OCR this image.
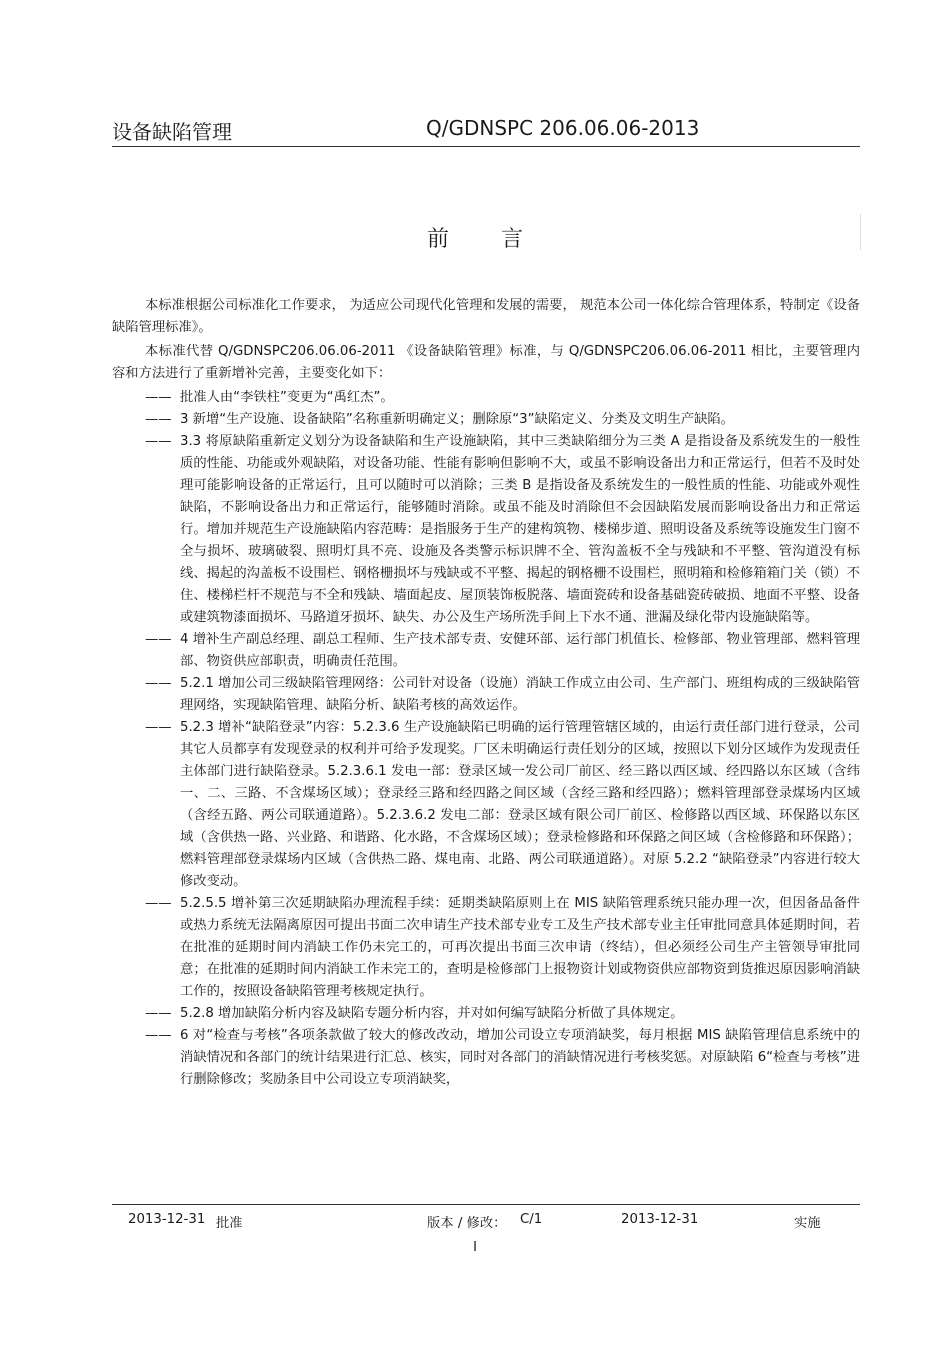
设备缺陷管理	Q/GDNSPC 206.06.06-2013
前言

本标准根据公司标准化工作要求， 为适应公司现代化管理和发展的需要， 规范本公司一体化综合管理体系，特制定《设备缺陷管理标准》。

本标准代替 Q/GDNSPC206.06.06-2011 《设备缺陷管理》标准，与 Q/GDNSPC206.06.06-2011 相比，主要管理内容和方法进行了重新增补完善，主要变化如下：

—— 批准人由“李铁柱”变更为“禹红杰”。
—— 3 新增“生产设施、设备缺陷”名称重新明确定义；删除原“3”缺陷定义、分类及文明生产缺陷。
—— 3.3 将原缺陷重新定义划分为设备缺陷和生产设施缺陷，其中三类缺陷细分为三类 A 是指设备及系统发生的一般性质的性能、功能或外观缺陷，对设备功能、性能有影响但影响不大，或虽不影响设备出力和正常运行，但若不及时处理可能影响设备的正常运行，且可以随时可以消除；三类 B 是指设备及系统发生的一般性质的性能、功能或外观性缺陷，不影响设备出力和正常运行，能够随时消除。或虽不能及时消除但不会因缺陷发展而影响设备出力和正常运行。增加并规范生产设施缺陷内容范畴：是指服务于生产的建构筑物、楼梯步道、照明设备及系统等设施发生门窗不全与损坏、玻璃破裂、照明灯具不亮、设施及各类警示标识牌不全、管沟盖板不全与残缺和不平整、管沟道没有标线、揭起的沟盖板不设围栏、钢格栅损坏与残缺或不平整、揭起的钢格栅不设围栏，照明箱和检修箱箱门关（锁）不住、楼梯栏杆不规范与不全和残缺、墙面起皮、屋顶装饰板脱落、墙面瓷砖和设备基础瓷砖破损、地面不平整、设备或建筑物漆面损坏、马路道牙损坏、缺失、办公及生产场所洗手间上下水不通、泄漏及绿化带内设施缺陷等。
—— 4 增补生产副总经理、副总工程师、生产技术部专责、安健环部、运行部门机值长、检修部、物业管理部、燃料管理部、物资供应部职责，明确责任范围。
—— 5.2.1 增加公司三级缺陷管理网络：公司针对设备（设施）消缺工作成立由公司、生产部门、班组构成的三级缺陷管理网络，实现缺陷管理、缺陷分析、缺陷考核的高效运作。
—— 5.2.3 增补“缺陷登录”内容：5.2.3.6 生产设施缺陷已明确的运行管理管辖区域的，由运行责任部门进行登录，公司其它人员都享有发现登录的权利并可给予发现奖。厂区未明确运行责任划分的区域，按照以下划分区域作为发现责任主体部门进行缺陷登录。5.2.3.6.1 发电一部：登录区域一发公司厂前区、经三路以西区域、经四路以东区域（含纬一、二、三路、不含煤场区域）；登录经三路和经四路之间区域（含经三路和经四路）；燃料管理部登录煤场内区域（含经五路、两公司联通道路）。5.2.3.6.2 发电二部：登录区域有限公司厂前区、检修路以西区域、环保路以东区域（含供热一路、兴业路、和谐路、化水路，不含煤场区域）；登录检修路和环保路之间区域（含检修路和环保路）；燃料管理部登录煤场内区域（含供热二路、煤电南、北路、两公司联通道路）。对原 5.2.2 “缺陷登录”内容进行较大修改变动。
—— 5.2.5.5 增补第三次延期缺陷办理流程手续：延期类缺陷原则上在 MIS 缺陷管理系统只能办理一次，但因备品备件或热力系统无法隔离原因可提出书面二次申请生产技术部专业专工及生产技术部专业主任审批同意具体延期时间，若在批准的延期时间内消缺工作仍未完工的，可再次提出书面三次申请（终结），但必须经公司生产主管领导审批同意；在批准的延期时间内消缺工作未完工的，查明是检修部门上报物资计划或物资供应部物资到货推迟原因影响消缺工作的，按照设备缺陷管理考核规定执行。
—— 5.2.8 增加缺陷分析内容及缺陷专题分析内容，并对如何编写缺陷分析做了具体规定。
—— 6 对“检查与考核”各项条款做了较大的修改改动，增加公司设立专项消缺奖，每月根据 MIS 缺陷管理信息系统中的消缺情况和各部门的统计结果进行汇总、核实，同时对各部门的消缺情况进行考核奖惩。对原缺陷 6“检查与考核”进行删除修改；奖励条目中公司设立专项消缺奖，
2013-12-31 批准	版本 / 修改： C/1	2013-12-31	实施
I
